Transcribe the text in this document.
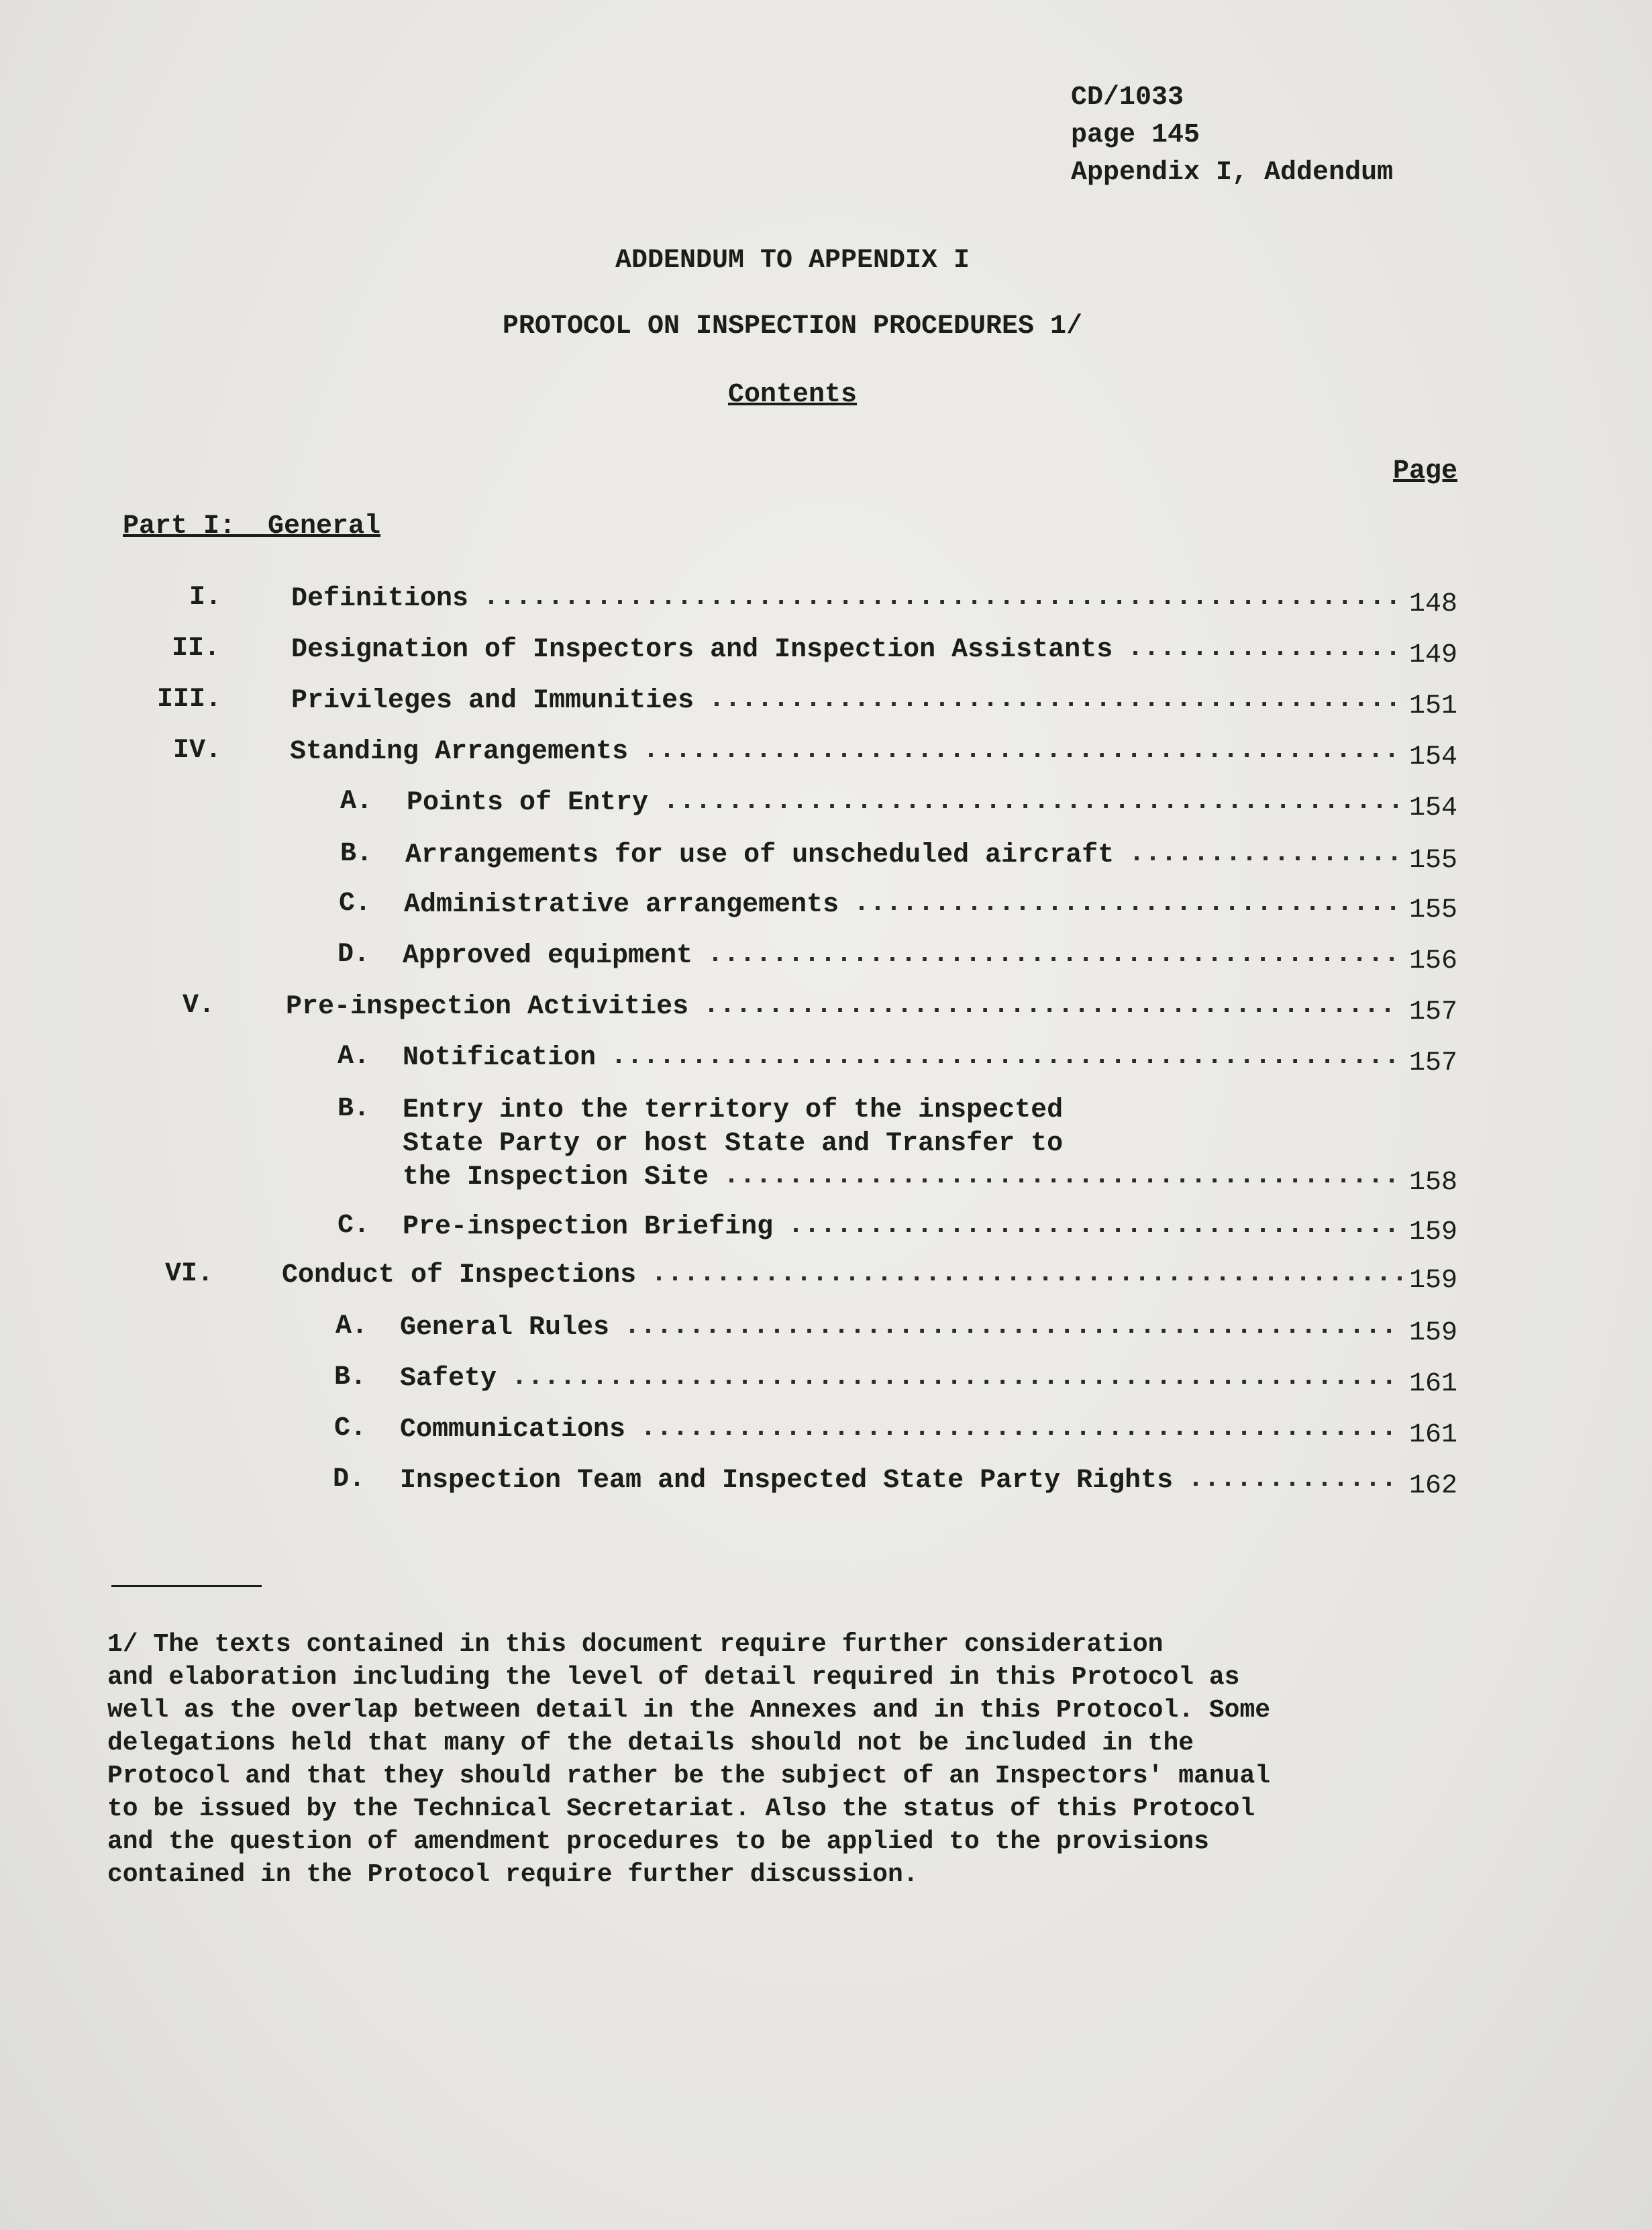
CD/1033
page 145
Appendix I, Addendum
ADDENDUM TO APPENDIX I
PROTOCOL ON INSPECTION PROCEDURES 1/
Contents
Page
Part I:  General
I.	Definitions ......................................................... 148
II.	Designation of Inspectors and Inspection Assistants ................. 149
III.	Privileges and Immunities ........................................... 151
IV.	Standing Arrangements ............................................... 154
A. Points of Entry .............................................. 154
B. Arrangements for use of unscheduled aircraft ................. 155
C. Administrative arrangements .................................. 155
D. Approved equipment ........................................... 156
V.	Pre-inspection Activities ........................................... 157
A. Notification ................................................. 157
B. Entry into the territory of the inspected
State Party or host State and Transfer to
the Inspection Site .......................................... 158
C. Pre-inspection Briefing ...................................... 159
VI.	Conduct of Inspections ............................................... 159
A. General Rules ................................................ 159
B. Safety ....................................................... 161
C. Communications ............................................... 161
D. Inspection Team and Inspected State Party Rights ............. 162
1/ The texts contained in this document require further consideration
and elaboration including the level of detail required in this Protocol as
well as the overlap between detail in the Annexes and in this Protocol. Some
delegations held that many of the details should not be included in the
Protocol and that they should rather be the subject of an Inspectors' manual
to be issued by the Technical Secretariat. Also the status of this Protocol
and the question of amendment procedures to be applied to the provisions
contained in the Protocol require further discussion.
